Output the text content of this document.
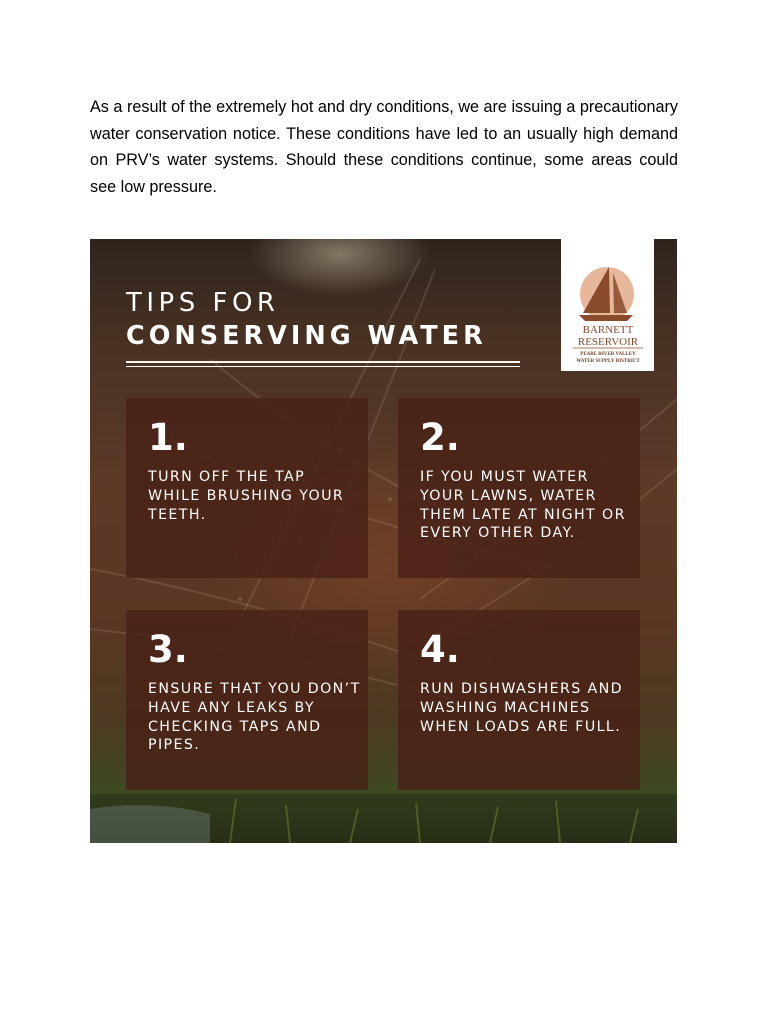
As a result of the extremely hot and dry conditions, we are issuing a precautionary water conservation notice. These conditions have led to an usually high demand on PRV’s water systems. Should these conditions continue, some areas could see low pressure.

TIPS FOR
CONSERVING WATER	BARNETT
RESERVOIR
PEARL RIVER VALLEY
WATER SUPPLY DISTRICT
1.
TURN OFF THE TAP WHILE BRUSHING YOUR TEETH.
2.
IF YOU MUST WATER YOUR LAWNS, WATER THEM LATE AT NIGHT OR EVERY OTHER DAY.
3.
ENSURE THAT YOU DON’T HAVE ANY LEAKS BY CHECKING TAPS AND PIPES.
4.
RUN DISHWASHERS AND WASHING MACHINES WHEN LOADS ARE FULL.
